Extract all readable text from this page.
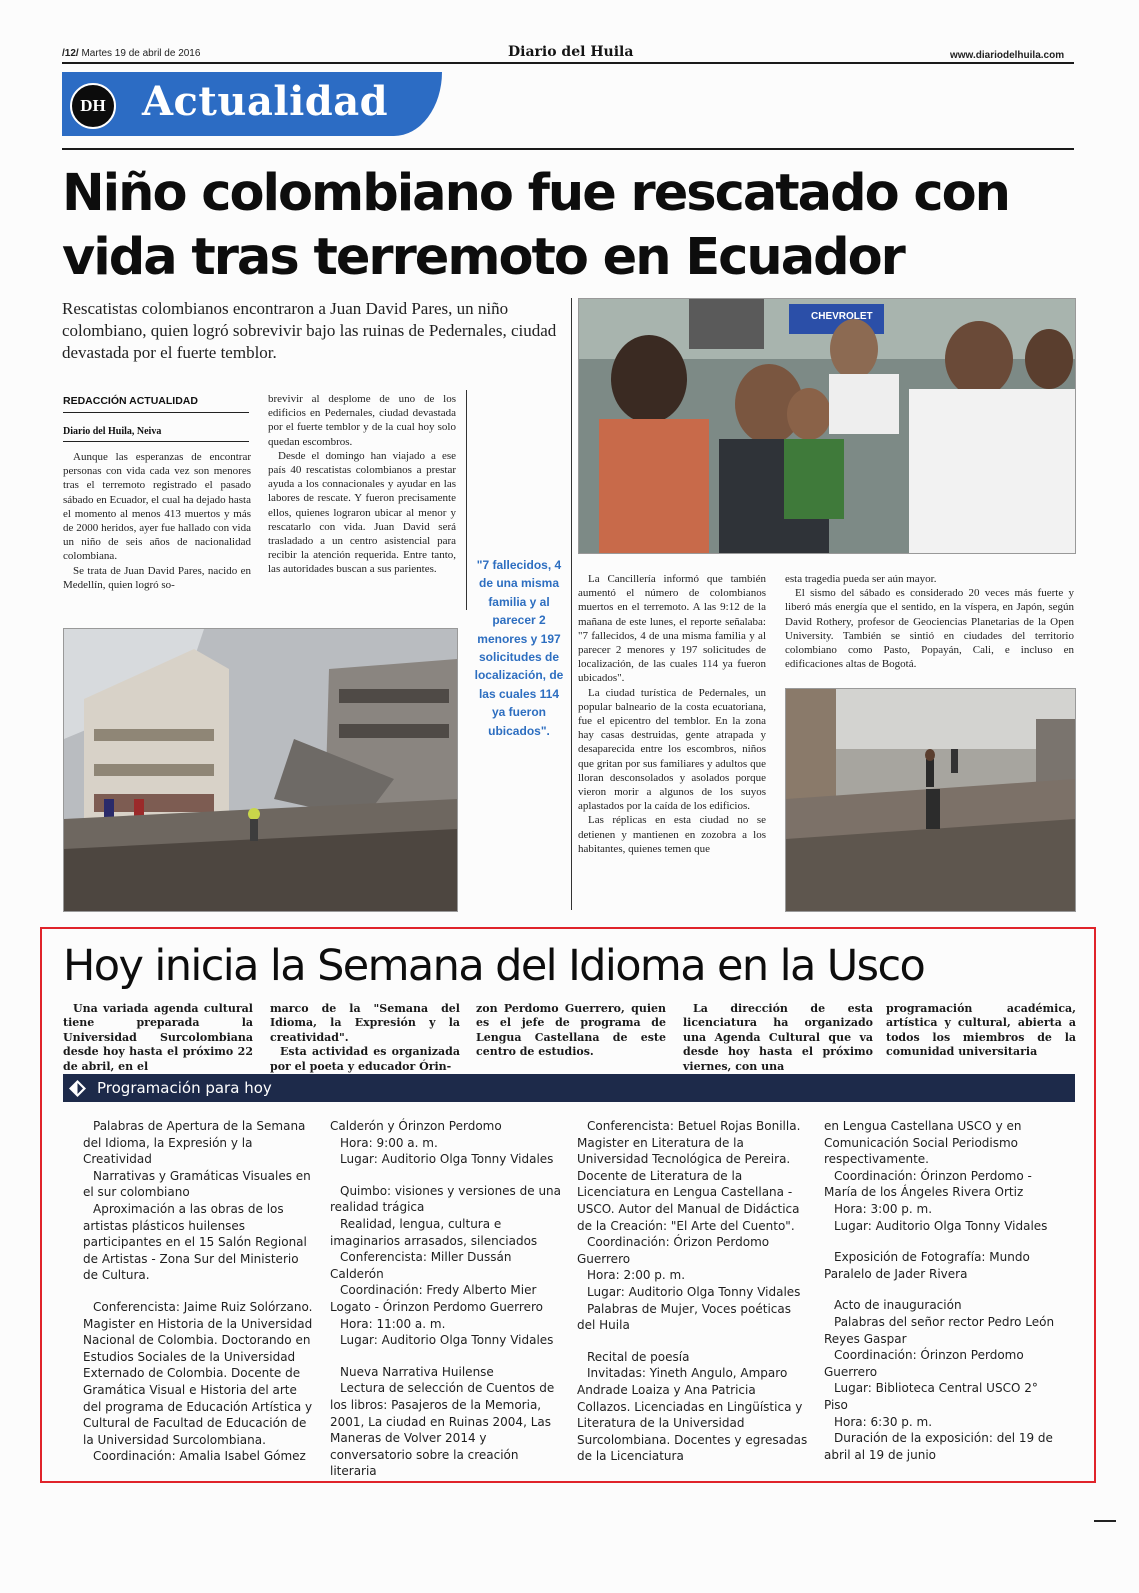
/12/ Martes 19 de abril de 2016	Diario del Huila	www.diariodelhuila.com
DH Actualidad
Niño colombiano fue rescatado con vida tras terremoto en Ecuador
Rescatistas colombianos encontraron a Juan David Pares, un niño colombiano, quien logró sobrevivir bajo las ruinas de Pedernales, ciudad devastada por el fuerte temblor.
REDACCIÓN ACTUALIDAD
Diario del Huila, Neiva

Aunque las esperanzas de encontrar personas con vida cada vez son menores tras el terremoto registrado el pasado sábado en Ecuador, el cual ha dejado hasta el momento al menos 413 muertos y más de 2000 heridos, ayer fue hallado con vida un niño de seis años de nacionalidad colombiana.

Se trata de Juan David Pares, nacido en Medellín, quien logró so-

brevivir al desplome de uno de los edificios en Pedernales, ciudad devastada por el fuerte temblor y de la cual hoy solo quedan escombros.

Desde el domingo han viajado a ese país 40 rescatistas colombianos a prestar ayuda a los connacionales y ayudar en las labores de rescate. Y fueron precisamente ellos, quienes lograron ubicar al menor y rescatarlo con vida. Juan David será trasladado a un centro asistencial para recibir la atención requerida. Entre tanto, las autoridades buscan a sus parientes.	"7 fallecidos, 4 de una misma familia y al parecer 2 menores y 197 solicitudes de localización, de las cuales 114 ya fueron ubicados".
CHEVROLET

La Cancillería informó que también aumentó el número de colombianos muertos en el terremoto. A las 9:12 de la mañana de este lunes, el reporte señalaba: "7 fallecidos, 4 de una misma familia y al parecer 2 menores y 197 solicitudes de localización, de las cuales 114 ya fueron ubicados".

La ciudad turística de Pedernales, un popular balneario de la costa ecuatoriana, fue el epicentro del temblor. En la zona hay casas destruidas, gente atrapada y desaparecida entre los escombros, niños que gritan por sus familiares y adultos que lloran desconsolados y asolados porque vieron morir a algunos de los suyos aplastados por la caída de los edificios.

Las réplicas en esta ciudad no se detienen y mantienen en zozobra a los habitantes, quienes temen que

esta tragedia pueda ser aún mayor.

El sismo del sábado es considerado 20 veces más fuerte y liberó más energía que el sentido, en la víspera, en Japón, según David Rothery, profesor de Geociencias Planetarias de la Open University. También se sintió en ciudades del territorio colombiano como Pasto, Popayán, Cali, e incluso en edificaciones altas de Bogotá.

Hoy inicia la Semana del Idioma en la Usco

Una variada agenda cultural tiene preparada la Universidad Surcolombiana desde hoy hasta el próximo 22 de abril, en el

marco de la "Semana del Idioma, la Expresión y la creatividad".

Esta actividad es organizada por el poeta y educador Órin-

zon Perdomo Guerrero, quien es el jefe de programa de Lengua Castellana de este centro de estudios.

La dirección de esta licenciatura ha organizado una Agenda Cultural que va desde hoy hasta el próximo viernes, con una

programación académica, artística y cultural, abierta a todos los miembros de la comunidad universitaria

Programación para hoy

Palabras de Apertura de la Semana del Idioma, la Expresión y la Creatividad

Narrativas y Gramáticas Visuales en el sur colombiano

Aproximación a las obras de los artistas plásticos huilenses participantes en el 15 Salón Regional de Artistas - Zona Sur del Ministerio de Cultura.

Conferencista: Jaime Ruiz Solórzano. Magister en Historia de la Universidad Nacional de Colombia. Doctorando en Estudios Sociales de la Universidad Externado de Colombia. Docente de Gramática Visual e Historia del arte del programa de Educación Artística y Cultural de Facultad de Educación de la Universidad Surcolombiana.

Coordinación: Amalia Isabel Gómez

Calderón y Órinzon Perdomo

Hora: 9:00 a. m.

Lugar: Auditorio Olga Tonny Vidales

Quimbo: visiones y versiones de una realidad trágica

Realidad, lengua, cultura e imaginarios arrasados, silenciados

Conferencista: Miller Dussán Calderón

Coordinación: Fredy Alberto Mier Logato - Órinzon Perdomo Guerrero

Hora: 11:00 a. m.

Lugar: Auditorio Olga Tonny Vidales

Nueva Narrativa Huilense

Lectura de selección de Cuentos de los libros: Pasajeros de la Memoria, 2001, La ciudad en Ruinas 2004, Las Maneras de Volver 2014 y conversatorio sobre la creación literaria

Conferencista: Betuel Rojas Bonilla. Magister en Literatura de la Universidad Tecnológica de Pereira. Docente de Literatura de la Licenciatura en Lengua Castellana - USCO. Autor del Manual de Didáctica de la Creación: "El Arte del Cuento".

Coordinación: Órizon Perdomo Guerrero

Hora: 2:00 p. m.

Lugar: Auditorio Olga Tonny Vidales

Palabras de Mujer, Voces poéticas del Huila

Recital de poesía

Invitadas: Yineth Angulo, Amparo Andrade Loaiza y Ana Patricia Collazos. Licenciadas en Lingüística y Literatura de la Universidad Surcolombiana. Docentes y egresadas de la Licenciatura

en Lengua Castellana USCO y en Comunicación Social Periodismo respectivamente.

Coordinación: Órinzon Perdomo - María de los Ángeles Rivera Ortiz

Hora: 3:00 p. m.

Lugar: Auditorio Olga Tonny Vidales

Exposición de Fotografía: Mundo Paralelo de Jader Rivera

Acto de inauguración

Palabras del señor rector Pedro León Reyes Gaspar

Coordinación: Órinzon Perdomo Guerrero

Lugar: Biblioteca Central USCO 2° Piso

Hora: 6:30 p. m.

Duración de la exposición: del 19 de abril al 19 de junio
